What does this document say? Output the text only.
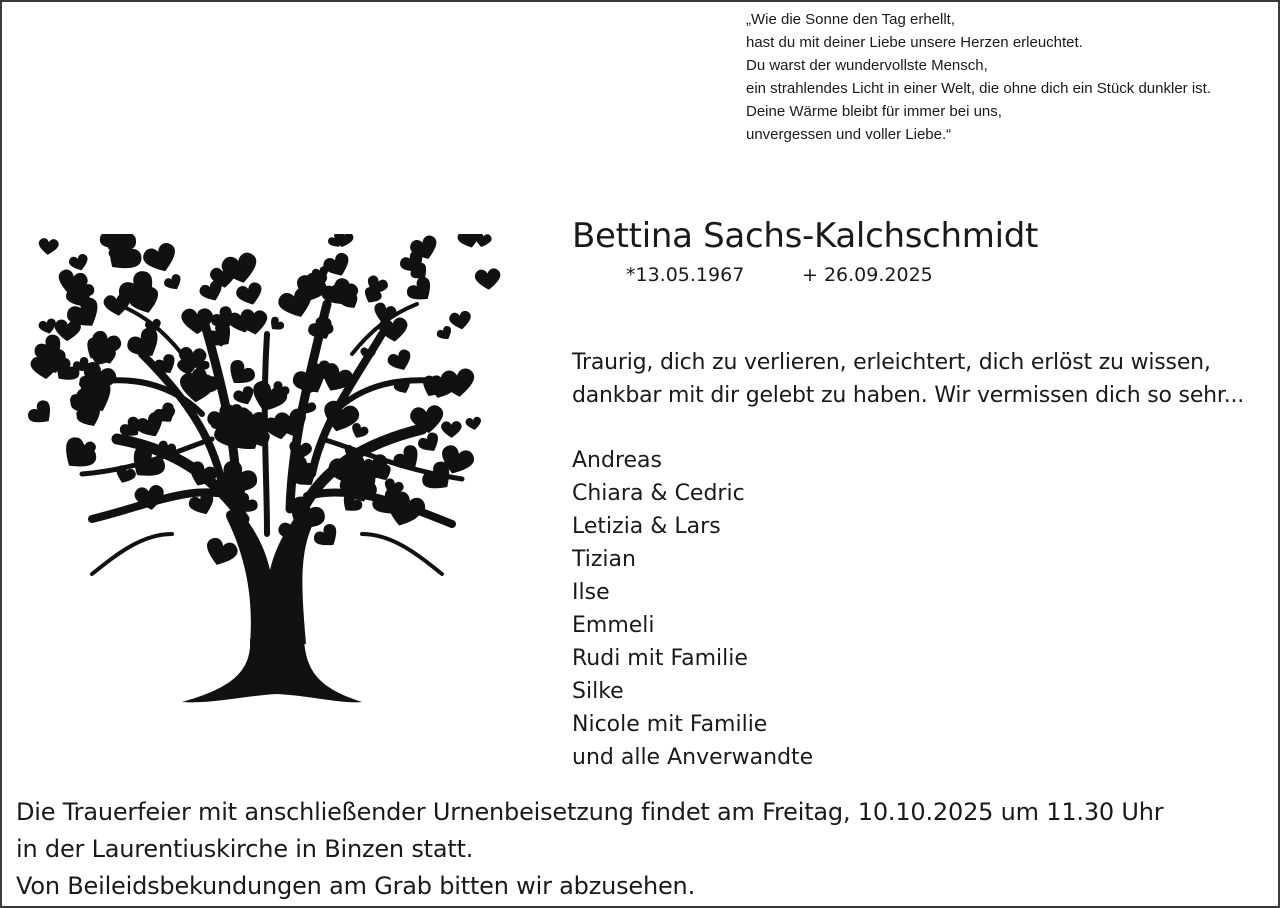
„Wie die Sonne den Tag erhellt,
hast du mit deiner Liebe unsere Herzen erleuchtet.
Du warst der wundervollste Mensch,
ein strahlendes Licht in einer Welt, die ohne dich ein Stück dunkler ist.
Deine Wärme bleibt für immer bei uns,
unvergessen und voller Liebe.“
Bettina Sachs-Kalchschmidt
*13.05.1967	+ 26.09.2025
Traurig, dich zu verlieren, erleichtert, dich erlöst zu wissen,
dankbar mit dir gelebt zu haben. Wir vermissen dich so sehr...
Andreas
Chiara & Cedric
Letizia & Lars
Tizian
Ilse
Emmeli
Rudi mit Familie
Silke
Nicole mit Familie
und alle Anverwandte
Die Trauerfeier mit anschließender Urnenbeisetzung findet am Freitag, 10.10.2025 um 11.30 Uhr
in der Laurentiuskirche in Binzen statt.
Von Beileidsbekundungen am Grab bitten wir abzusehen.
